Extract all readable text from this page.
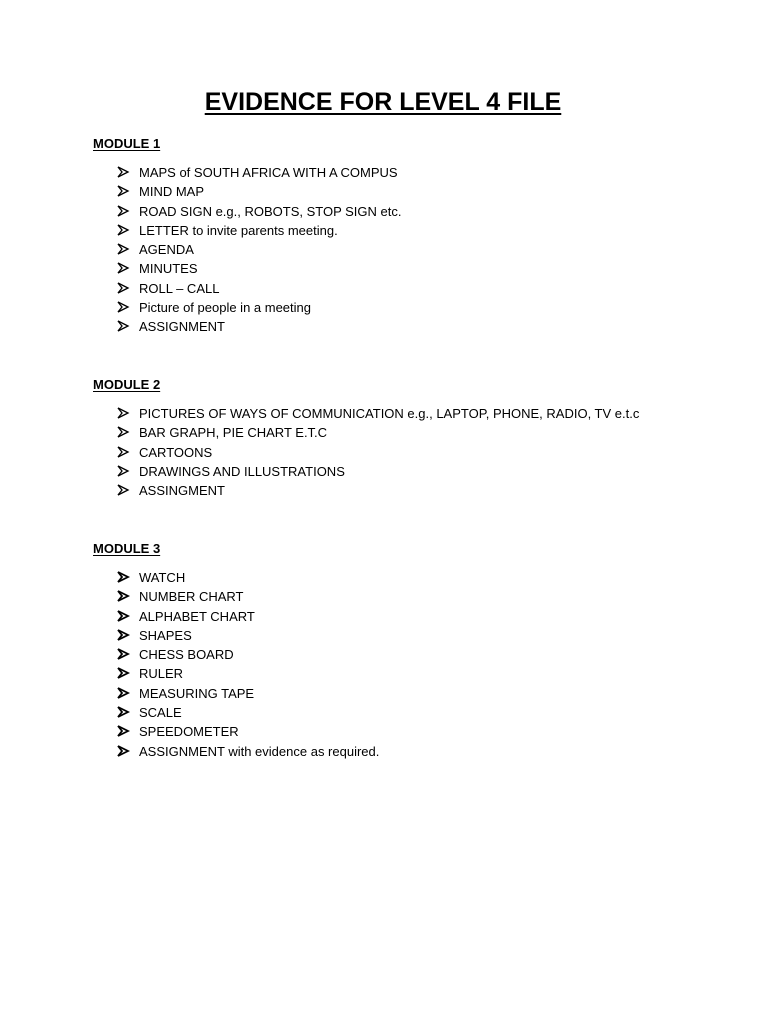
EVIDENCE FOR LEVEL 4 FILE
MODULE 1
MAPS of SOUTH AFRICA WITH A COMPUS
MIND MAP
ROAD SIGN e.g., ROBOTS, STOP SIGN etc.
LETTER to invite parents meeting.
AGENDA
MINUTES
ROLL – CALL
Picture of people in a meeting
ASSIGNMENT
MODULE 2
PICTURES OF WAYS OF COMMUNICATION e.g., LAPTOP, PHONE, RADIO, TV e.t.c
BAR GRAPH, PIE CHART E.T.C
CARTOONS
DRAWINGS AND ILLUSTRATIONS
ASSINGMENT
MODULE 3
WATCH
NUMBER CHART
ALPHABET CHART
SHAPES
CHESS BOARD
RULER
MEASURING TAPE
SCALE
SPEEDOMETER
ASSIGNMENT with evidence as required.
